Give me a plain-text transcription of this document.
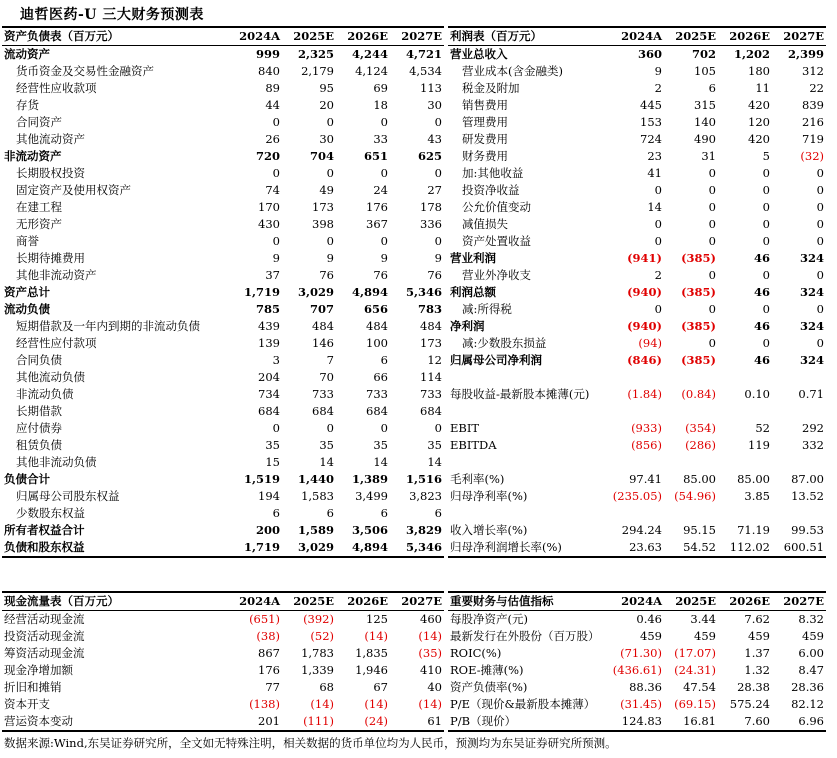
迪哲医药-U 三大财务预测表
资产负债表（百万元）	2024A	2025E	2026E	2027E
流动资产	999	2,325	4,244	4,721
货币资金及交易性金融资产	840	2,179	4,124	4,534
经营性应收款项	89	95	69	113
存货	44	20	18	30
合同资产	0	0	0	0
其他流动资产	26	30	33	43
非流动资产	720	704	651	625
长期股权投资	0	0	0	0
固定资产及使用权资产	74	49	24	27
在建工程	170	173	176	178
无形资产	430	398	367	336
商誉	0	0	0	0
长期待摊费用	9	9	9	9
其他非流动资产	37	76	76	76
资产总计	1,719	3,029	4,894	5,346
流动负债	785	707	656	783
短期借款及一年内到期的非流动负债	439	484	484	484
经营性应付款项	139	146	100	173
合同负债	3	7	6	12
其他流动负债	204	70	66	114
非流动负债	734	733	733	733
长期借款	684	684	684	684
应付债券	0	0	0	0
租赁负债	35	35	35	35
其他非流动负债	15	14	14	14
负债合计	1,519	1,440	1,389	1,516
归属母公司股东权益	194	1,583	3,499	3,823
少数股东权益	6	6	6	6
所有者权益合计	200	1,589	3,506	3,829
负债和股东权益	1,719	3,029	4,894	5,346
利润表（百万元）	2024A	2025E	2026E	2027E
营业总收入	360	702	1,202	2,399
营业成本(含金融类)	9	105	180	312
税金及附加	2	6	11	22
销售费用	445	315	420	839
管理费用	153	140	120	216
研发费用	724	490	420	719
财务费用	23	31	5	(32)
加:其他收益	41	0	0	0
投资净收益	0	0	0	0
公允价值变动	14	0	0	0
减值损失	0	0	0	0
资产处置收益	0	0	0	0
营业利润	(941)	(385)	46	324
营业外净收支	2	0	0	0
利润总额	(940)	(385)	46	324
减:所得税	0	0	0	0
净利润	(940)	(385)	46	324
减:少数股东损益	(94)	0	0	0
归属母公司净利润	(846)	(385)	46	324

每股收益-最新股本摊薄(元)	(1.84)	(0.84)	0.10	0.71

EBIT	(933)	(354)	52	292
EBITDA	(856)	(286)	119	332

毛利率(%)	97.41	85.00	85.00	87.00
归母净利率(%)	(235.05)	(54.96)	3.85	13.52

收入增长率(%)	294.24	95.15	71.19	99.53
归母净利润增长率(%)	23.63	54.52	112.02	600.51
现金流量表（百万元）	2024A	2025E	2026E	2027E
经营活动现金流	(651)	(392)	125	460
投资活动现金流	(38)	(52)	(14)	(14)
筹资活动现金流	867	1,783	1,835	(35)
现金净增加额	176	1,339	1,946	410
折旧和摊销	77	68	67	40
资本开支	(138)	(14)	(14)	(14)
营运资本变动	201	(111)	(24)	61
重要财务与估值指标	2024A	2025E	2026E	2027E
每股净资产(元)	0.46	3.44	7.62	8.32
最新发行在外股份（百万股）	459	459	459	459
ROIC(%)	(71.30)	(17.07)	1.37	6.00
ROE-摊薄(%)	(436.61)	(24.31)	1.32	8.47
资产负债率(%)	88.36	47.54	28.38	28.36
P/E（现价&最新股本摊薄）	(31.45)	(69.15)	575.24	82.12
P/B（现价）	124.83	16.81	7.60	6.96
数据来源:Wind,东吴证券研究所，全文如无特殊注明，相关数据的货币单位均为人民币，预测均为东吴证券研究所预测。
